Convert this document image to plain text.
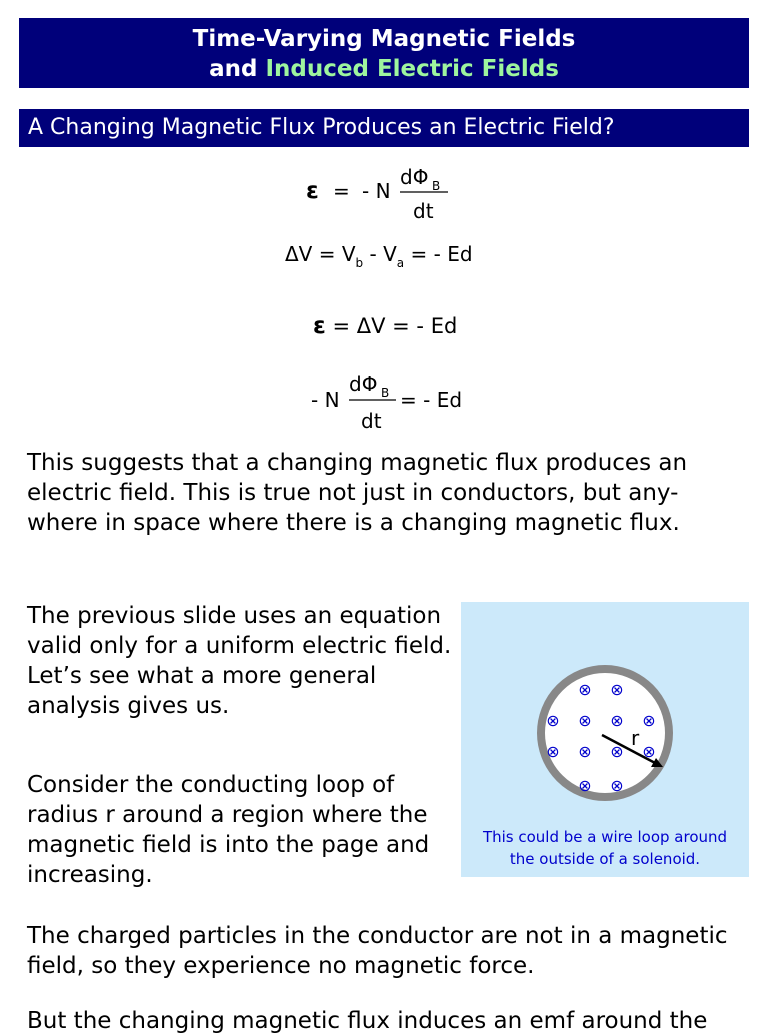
Time-Varying Magnetic Fields
and Induced Electric Fields
A Changing Magnetic Flux Produces an Electric Field?
ε = - N
dΦ B
dt
$\Delta V = V_b - V_a$ = - Ed
ε = ΔV = - Ed
- N
dΦ B
dt
= - Ed
This suggests that a changing magnetic flux produces an
electric field. This is true not just in conductors, but any-
where in space where there is a changing magnetic flux.
The previous slide uses an equation
valid only for a uniform electric field.
Let’s see what a more general
analysis gives us.
Consider the conducting loop of
radius r around a region where the
magnetic field is into the page and
increasing.
⊗ ⊗
⊗ ⊗ ⊗ ⊗
⊗ ⊗ ⊗ ⊗
⊗ ⊗
r
This could be a wire loop around
the outside of a solenoid.
The charged particles in the conductor are not in a magnetic
field, so they experience no magnetic force.
But the changing magnetic flux induces an emf around the
